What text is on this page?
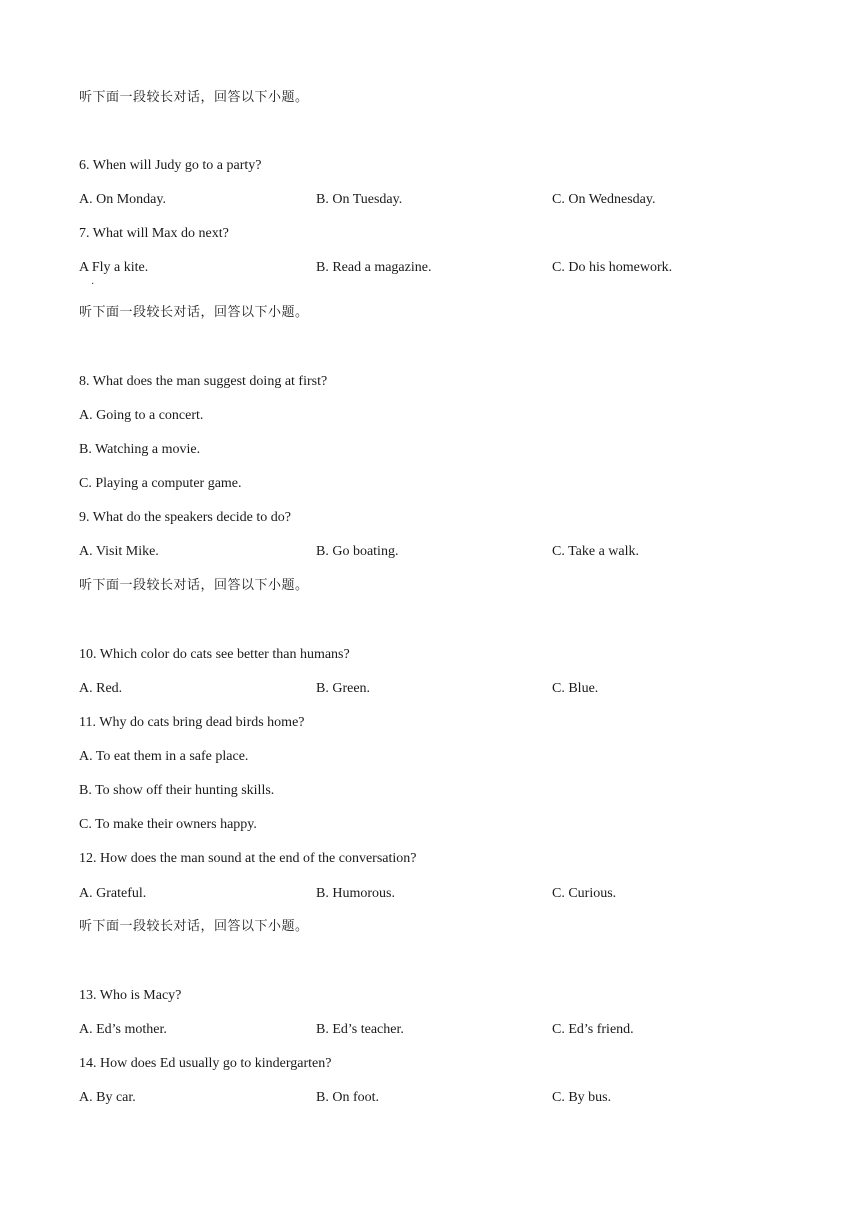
听下面一段较长对话，回答以下小题。
6. When will Judy go to a party?
A. On Monday.	B. On Tuesday.	C. On Wednesday.
7. What will Max do next?
A Fly a kite.
·
B. Read a magazine.	C. Do his homework.
听下面一段较长对话，回答以下小题。
8. What does the man suggest doing at first?
A. Going to a concert.
B. Watching a movie.
C. Playing a computer game.
9. What do the speakers decide to do?
A. Visit Mike.	B. Go boating.	C. Take a walk.
听下面一段较长对话，回答以下小题。
10. Which color do cats see better than humans?
A. Red.	B. Green.	C. Blue.
11. Why do cats bring dead birds home?
A. To eat them in a safe place.
B. To show off their hunting skills.
C. To make their owners happy.
12. How does the man sound at the end of the conversation?
A. Grateful.	B. Humorous.	C. Curious.
听下面一段较长对话，回答以下小题。
13. Who is Macy?
A. Ed’s mother.	B. Ed’s teacher.	C. Ed’s friend.
14. How does Ed usually go to kindergarten?
A. By car.	B. On foot.	C. By bus.
